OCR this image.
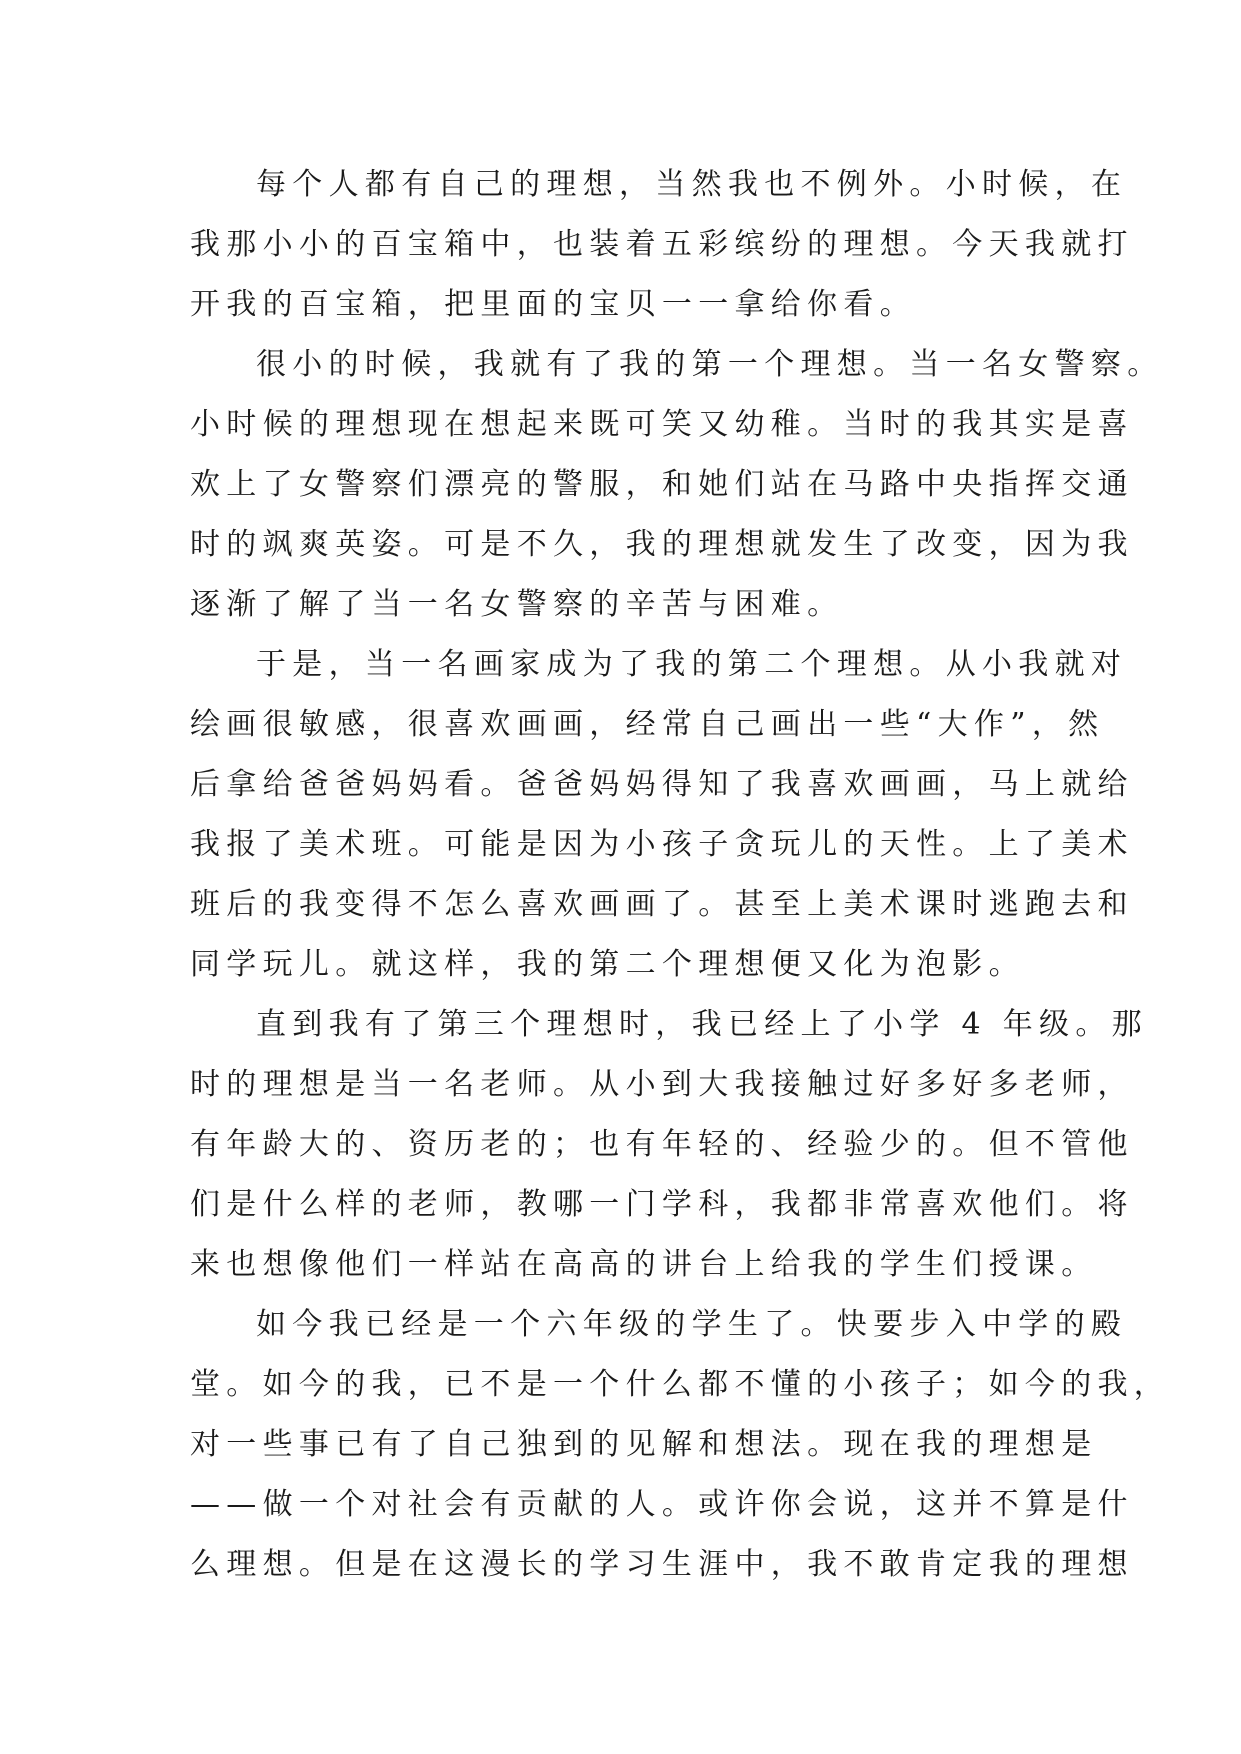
每个人都有自己的理想，当然我也不例外。小时候，在
我那小小的百宝箱中，也装着五彩缤纷的理想。今天我就打
开我的百宝箱，把里面的宝贝一一拿给你看。
很小的时候，我就有了我的第一个理想。当一名女警察。
小时候的理想现在想起来既可笑又幼稚。当时的我其实是喜
欢上了女警察们漂亮的警服，和她们站在马路中央指挥交通
时的飒爽英姿。可是不久，我的理想就发生了改变，因为我
逐渐了解了当一名女警察的辛苦与困难。
于是，当一名画家成为了我的第二个理想。从小我就对
绘画很敏感，很喜欢画画，经常自己画出一些“大作”，然
后拿给爸爸妈妈看。爸爸妈妈得知了我喜欢画画，马上就给
我报了美术班。可能是因为小孩子贪玩儿的天性。上了美术
班后的我变得不怎么喜欢画画了。甚至上美术课时逃跑去和
同学玩儿。就这样，我的第二个理想便又化为泡影。
直到我有了第三个理想时，我已经上了小学 4 年级。那
时的理想是当一名老师。从小到大我接触过好多好多老师，
有年龄大的、资历老的；也有年轻的、经验少的。但不管他
们是什么样的老师，教哪一门学科，我都非常喜欢他们。将
来也想像他们一样站在高高的讲台上给我的学生们授课。
如今我已经是一个六年级的学生了。快要步入中学的殿
堂。如今的我，已不是一个什么都不懂的小孩子；如今的我，
对一些事已有了自己独到的见解和想法。现在我的理想是
——做一个对社会有贡献的人。或许你会说，这并不算是什
么理想。但是在这漫长的学习生涯中，我不敢肯定我的理想
